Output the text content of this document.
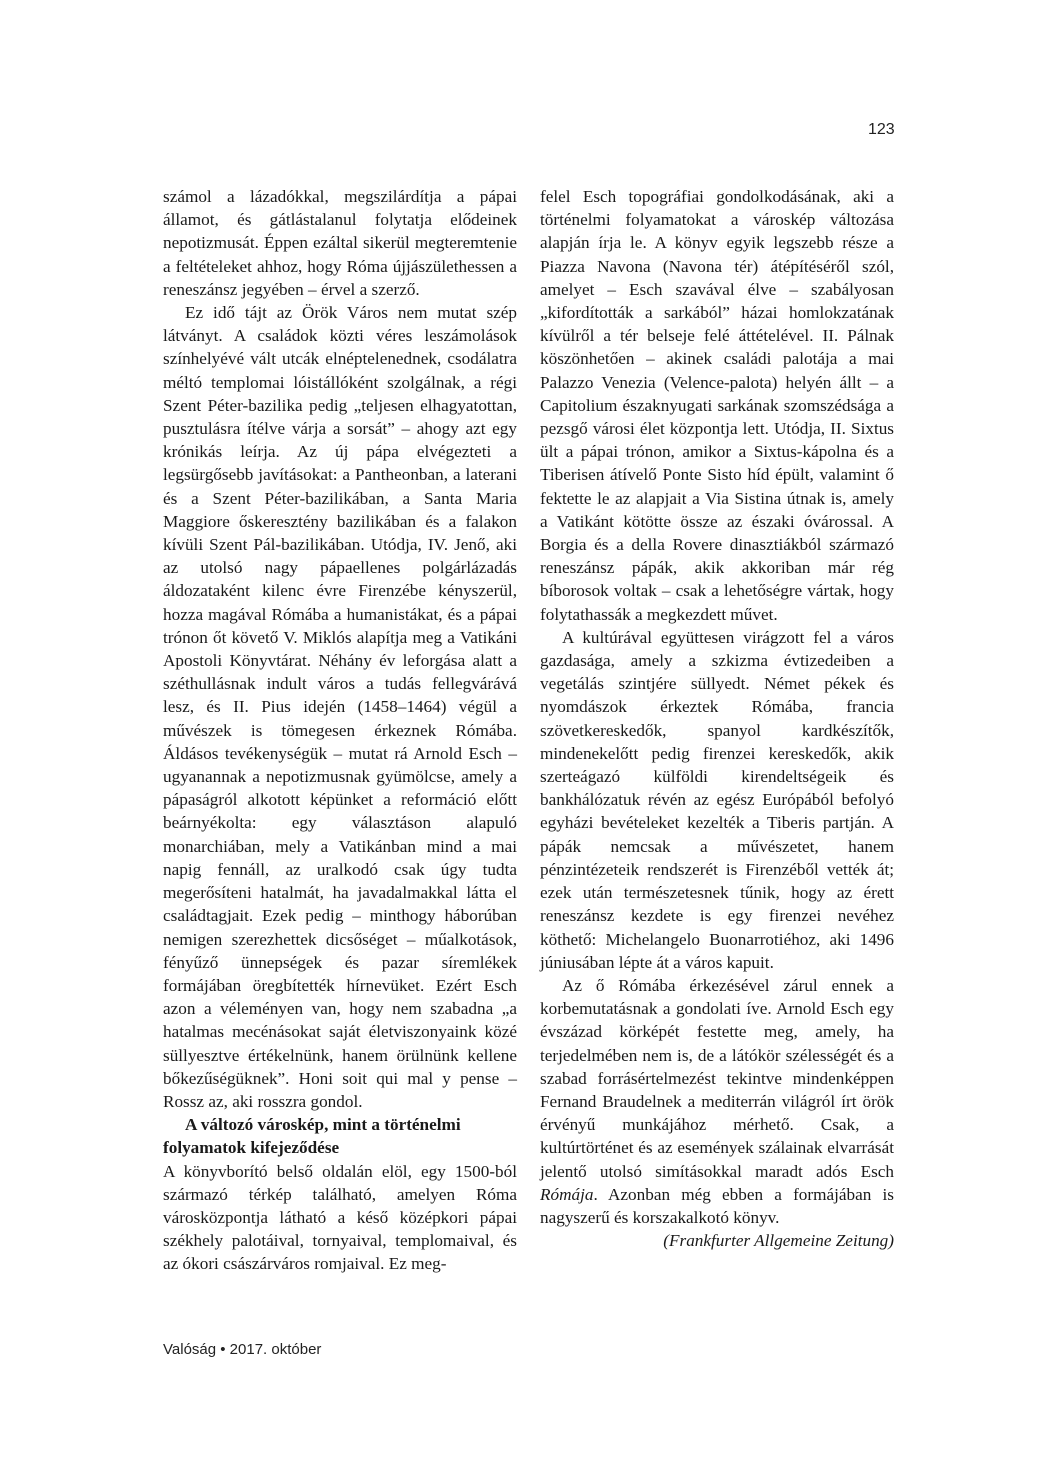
123

számol a lázadókkal, megszilárdítja a pápai államot, és gátlástalanul folytatja elődeinek nepotizmusát. Éppen ezáltal sikerül megteremtenie a feltételeket ahhoz, hogy Róma újjászülethessen a reneszánsz jegyében – érvel a szerző.

Ez idő tájt az Örök Város nem mutat szép látványt. A családok közti véres leszámolások színhelyévé vált utcák elnéptelenednek, csodálatra méltó templomai lóistállóként szolgálnak, a régi Szent Péter-bazilika pedig „teljesen elhagyatottan, pusztulásra ítélve várja a sorsát” – ahogy azt egy krónikás leírja. Az új pápa elvégezteti a legsürgősebb javításokat: a Pantheonban, a laterani és a Szent Péter-bazilikában, a Santa Maria Maggiore őskeresztény bazilikában és a falakon kívüli Szent Pál-bazilikában. Utódja, IV. Jenő, aki az utolsó nagy pápaellenes polgárlázadás áldozataként kilenc évre Firenzébe kényszerül, hozza magával Rómába a humanistákat, és a pápai trónon őt követő V. Miklós alapítja meg a Vatikáni Apostoli Könyvtárat. Néhány év leforgása alatt a széthullásnak indult város a tudás fellegvárává lesz, és II. Pius idején (1458–1464) végül a művészek is tömegesen érkeznek Rómába. Áldásos tevékenységük – mutat rá Arnold Esch – ugyanannak a nepotizmusnak gyümölcse, amely a pápaságról alkotott képünket a reformáció előtt beárnyékolta: egy választáson alapuló monarchiában, mely a Vatikánban mind a mai napig fennáll, az uralkodó csak úgy tudta megerősíteni hatalmát, ha javadalmakkal látta el családtagjait. Ezek pedig – minthogy háborúban nemigen szerezhettek dicsőséget – műalkotások, fényűző ünnepségek és pazar síremlékek formájában öregbítették hírnevüket. Ezért Esch azon a véleményen van, hogy nem szabadna „a hatalmas mecénásokat saját életviszonyaink közé süllyesztve értékelnünk, hanem örülnünk kellene bőkezűségüknek”. Honi soit qui mal y pense – Rossz az, aki rosszra gondol.

A változó városkép, mint a történelmi folyamatok kifejeződése

A könyvborító belső oldalán elöl, egy 1500-ból származó térkép található, amelyen Róma városközpontja látható a késő középkori pápai székhely palotáival, tornyaival, templomaival, és az ókori császárváros romjaival. Ez meg-

felel Esch topográfiai gondolkodásának, aki a történelmi folyamatokat a városkép változása alapján írja le. A könyv egyik legszebb része a Piazza Navona (Navona tér) átépítéséről szól, amelyet – Esch szavával élve – szabályosan „kifordították a sarkából” házai homlokzatának kívülről a tér belseje felé áttételével. II. Pálnak köszönhetően – akinek családi palotája a mai Palazzo Venezia (Velence-palota) helyén állt – a Capitolium északnyugati sarkának szomszédsága a pezsgő városi élet központja lett. Utódja, II. Sixtus ült a pápai trónon, amikor a Sixtus-kápolna és a Tiberisen átívelő Ponte Sisto híd épült, valamint ő fektette le az alapjait a Via Sistina útnak is, amely a Vatikánt kötötte össze az északi óvárossal. A Borgia és a della Rovere dinasztiákból származó reneszánsz pápák, akik akkoriban már rég bíborosok voltak – csak a lehetőségre vártak, hogy folytathassák a megkezdett művet.

A kultúrával együttesen virágzott fel a város gazdasága, amely a szkizma évtizedeiben a vegetálás szintjére süllyedt. Német pékek és nyomdászok érkeztek Rómába, francia szövetkereskedők, spanyol kardkészítők, mindenekelőtt pedig firenzei kereskedők, akik szerteágazó külföldi kirendeltségeik és bankhálózatuk révén az egész Európából befolyó egyházi bevételeket kezelték a Tiberis partján. A pápák nemcsak a művészetet, hanem pénzintézeteik rendszerét is Firenzéből vették át; ezek után természetesnek tűnik, hogy az érett reneszánsz kezdete is egy firenzei nevéhez köthető: Michelangelo Buonarrotiéhoz, aki 1496 júniusában lépte át a város kapuit.

Az ő Rómába érkezésével zárul ennek a korbemutatásnak a gondolati íve. Arnold Esch egy évszázad körképét festette meg, amely, ha terjedelmében nem is, de a látókör szélességét és a szabad forrásértelmezést tekintve mindenképpen Fernand Braudelnek a mediterrán világról írt örök érvényű munkájához mérhető. Csak, a kultúrtörténet és az események szálainak elvarrását jelentő utolsó simításokkal maradt adós Esch Rómája. Azonban még ebben a formájában is nagyszerű és korszakalkotó könyv.

(Frankfurter Allgemeine Zeitung)

Valóság • 2017. október
